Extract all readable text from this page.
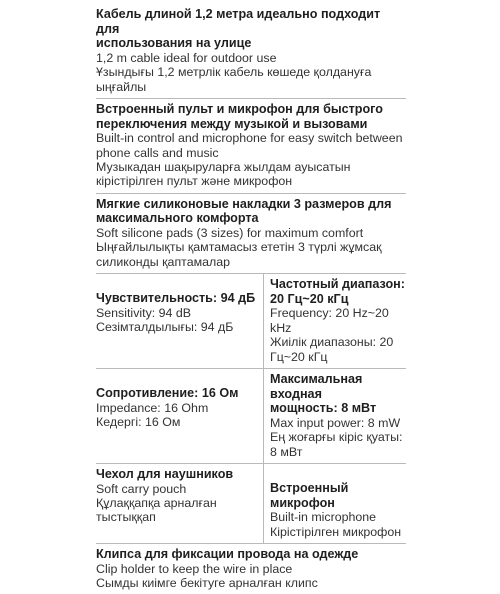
Кабель длиной 1,2 метра идеально подходит для
использования на улице
1,2 m cable ideal for outdoor use
Ұзындығы 1,2 метрлік кабель көшеде қолдануға
ыңғайлы
Встроенный пульт и микрофон для быстрого
переключения между музыкой и вызовами
Built-in control and microphone for easy switch between
phone calls and music
Музыкадан шақыруларға жылдам ауысатын
кірістірілген пульт және микрофон
Мягкие силиконовые накладки 3 размеров для
максимального комфорта
Soft silicone pads (3 sizes) for maximum comfort
Ыңғайлылықты қамтамасыз ететін 3 түрлі жұмсақ
силиконды қаптамалар
Чувствительность: 94 дБ
Sensitivity: 94 dB
Сезімталдылығы: 94 дБ
Частотный диапазон:
20 Гц~20 кГц
Frequency: 20 Hz~20 kHz
Жиілік диапазоны: 20
Гц~20 кГц
Сопротивление: 16 Ом
Impedance: 16 Ohm
Кедергі: 16 Ом
Максимальная входная
мощность: 8 мВт
Max input power: 8 mW
Ең жоғарғы кіріс қуаты:
8 мВт
Чехол для наушников
Soft carry pouch
Құлаққапқа арналған
тыстыққап
Встроенный микрофон
Built-in microphone
Кірістірілген микрофон
Клипса для фиксации провода на одежде
Clip holder to keep the wire in place
Сымды киімге бекітуге арналған клипс
